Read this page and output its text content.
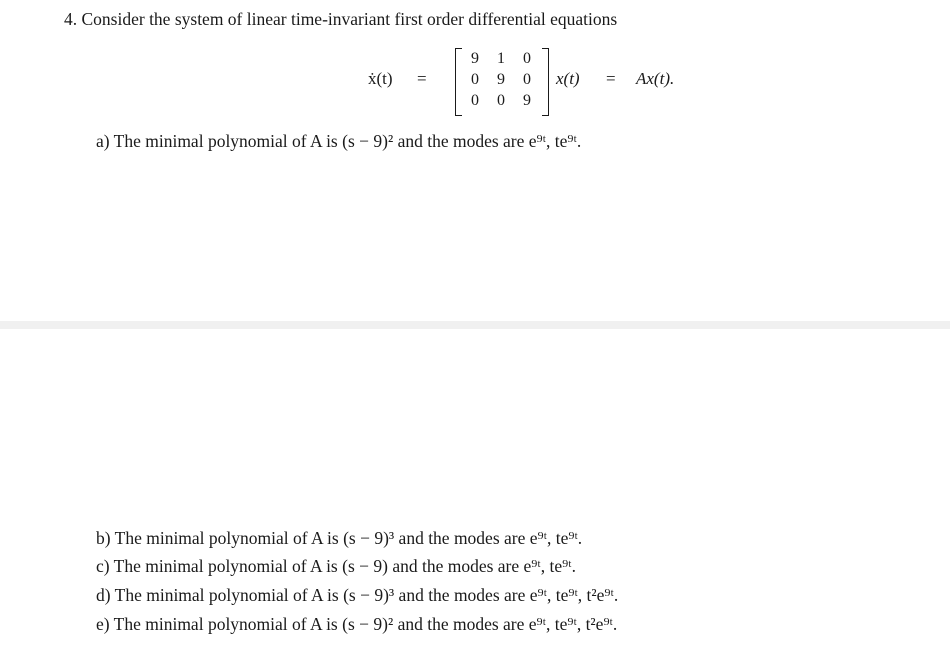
4. Consider the system of linear time-invariant first order differential equations
ẋ(t) =
9 1 0
0 9 0
0 0 9
x(t) = Ax(t).
a) The minimal polynomial of A is (s − 9)² and the modes are e⁹ᵗ, te⁹ᵗ.
b) The minimal polynomial of A is (s − 9)³ and the modes are e⁹ᵗ, te⁹ᵗ.
c) The minimal polynomial of A is (s − 9) and the modes are e⁹ᵗ, te⁹ᵗ.
d) The minimal polynomial of A is (s − 9)³ and the modes are e⁹ᵗ, te⁹ᵗ, t²e⁹ᵗ.
e) The minimal polynomial of A is (s − 9)² and the modes are e⁹ᵗ, te⁹ᵗ, t²e⁹ᵗ.
